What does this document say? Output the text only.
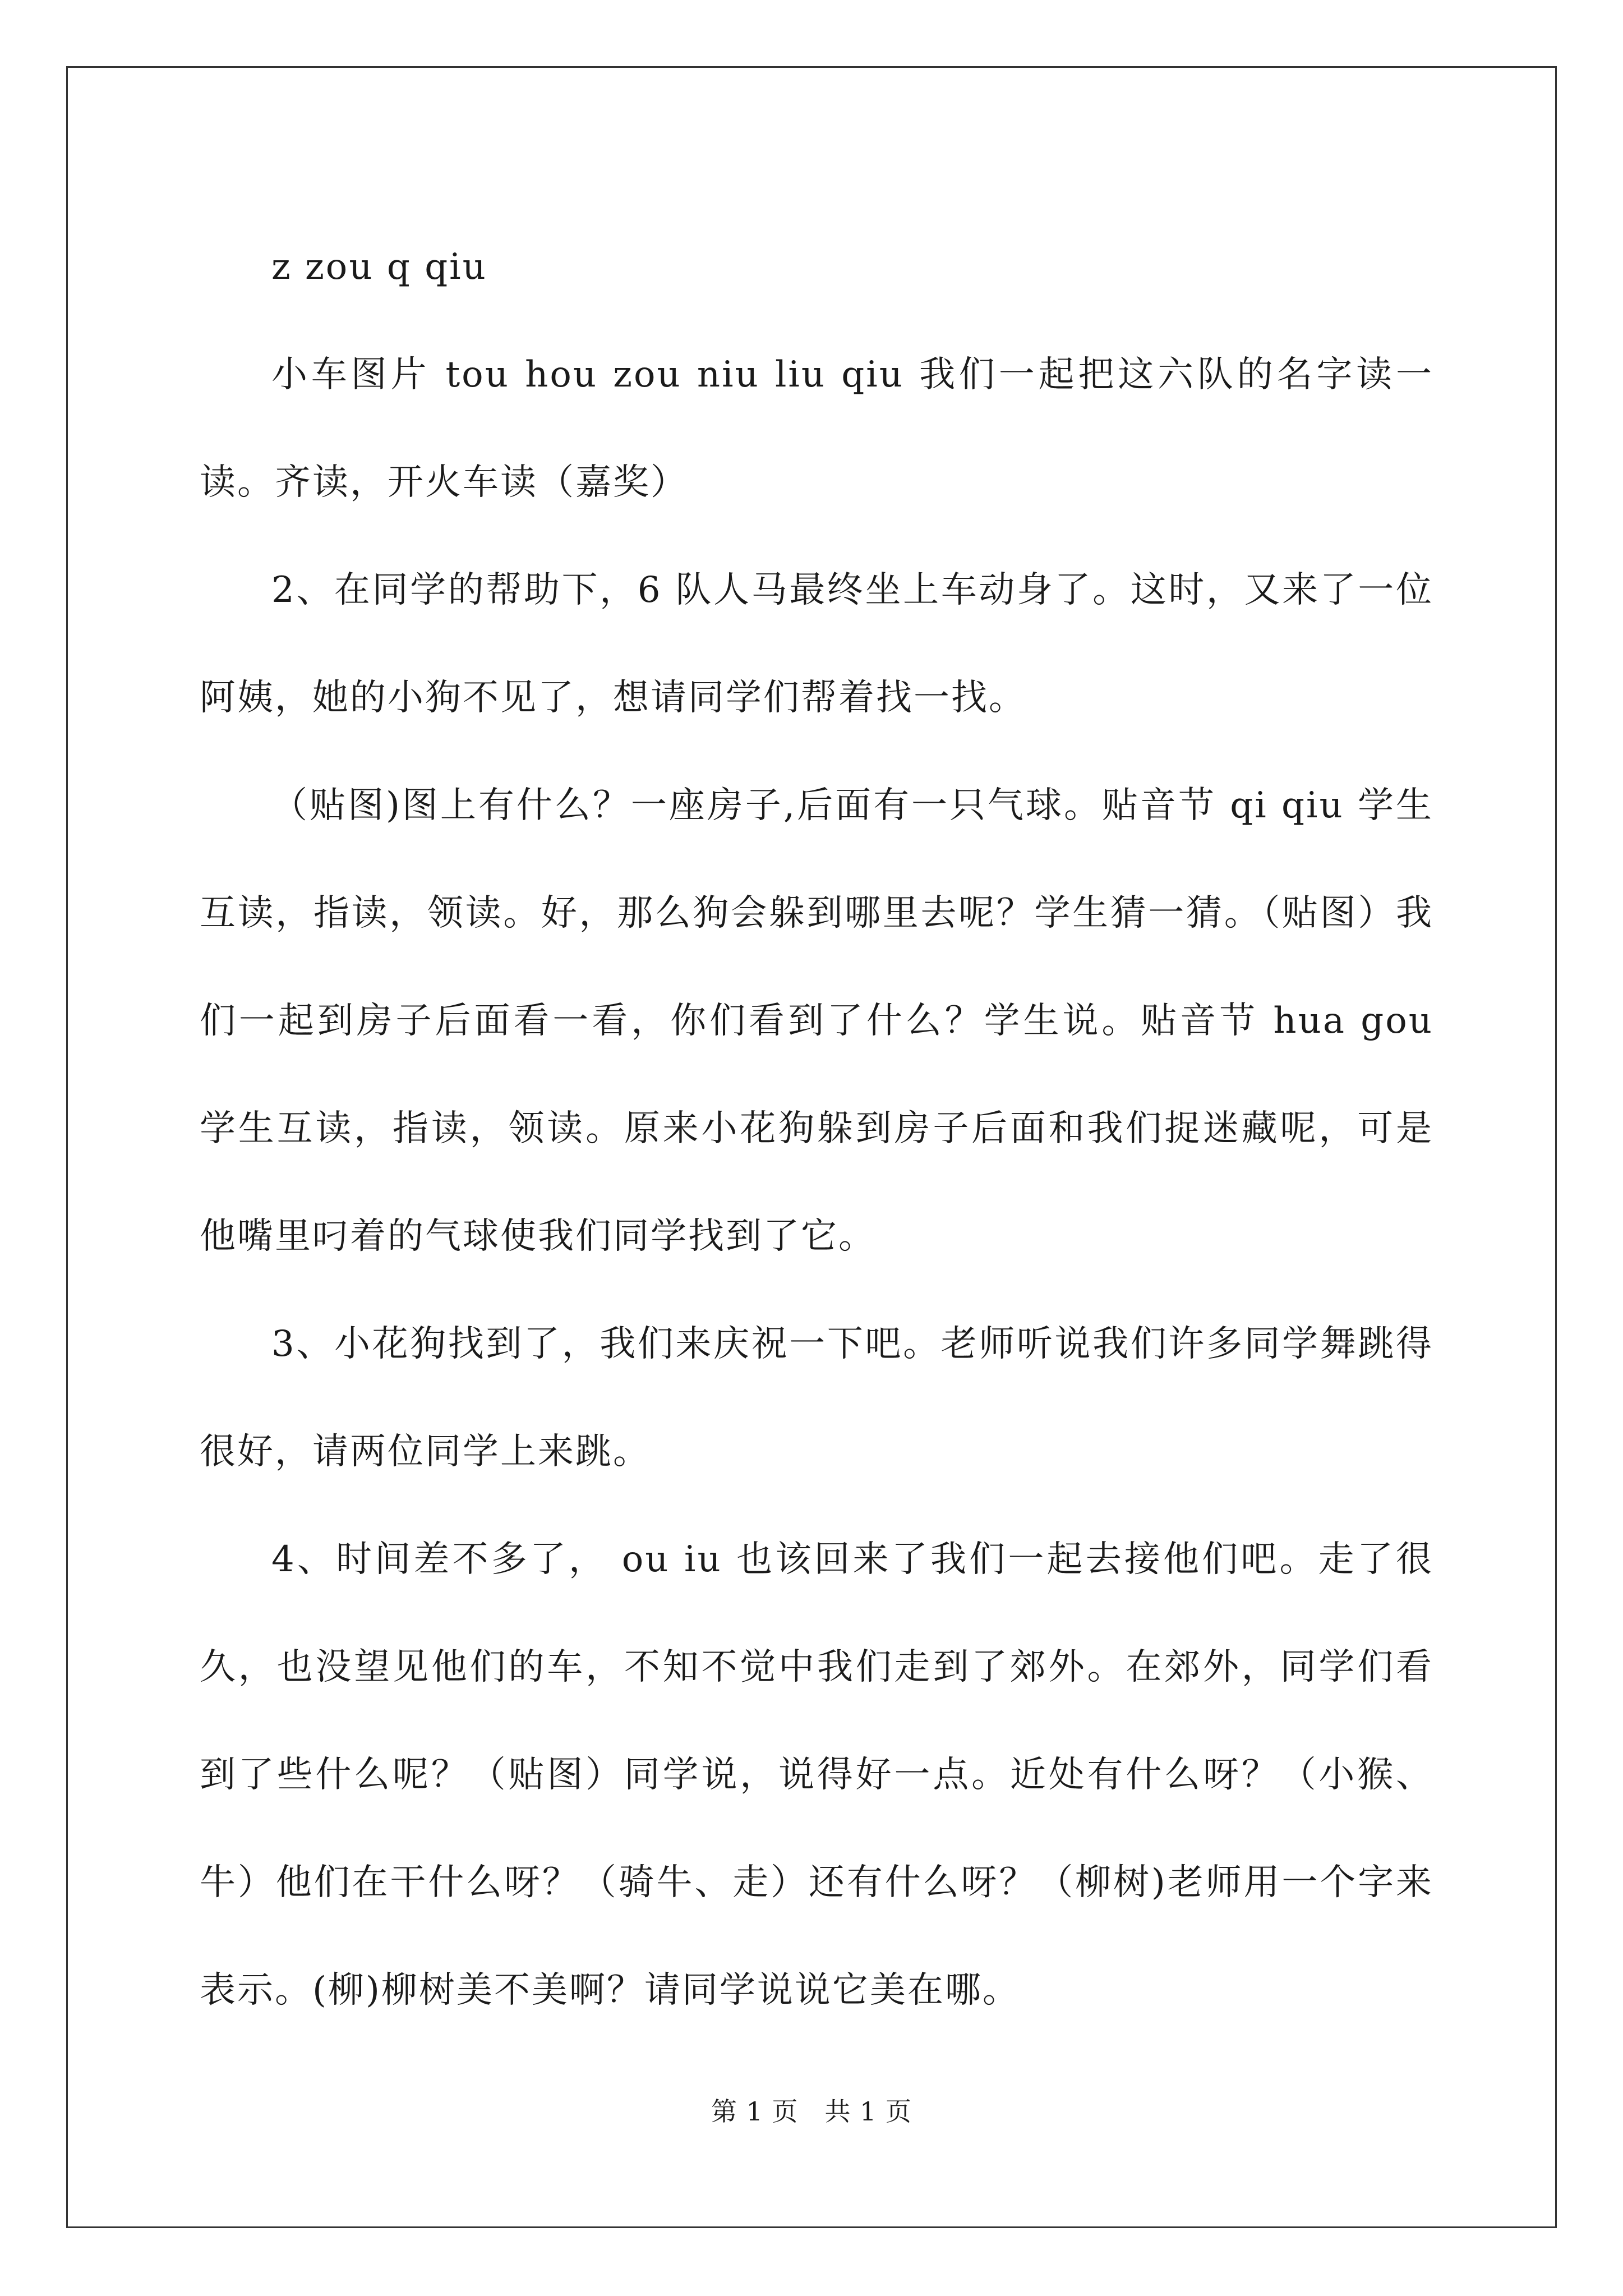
z zou q qiu

小车图片 tou hou zou niu liu qiu 我们一起把这六队的名字读一读。齐读，开火车读（嘉奖）

2、在同学的帮助下，6 队人马最终坐上车动身了。这时，又来了一位阿姨，她的小狗不见了，想请同学们帮着找一找。

（贴图)图上有什么？一座房子,后面有一只气球。贴音节 qi qiu 学生互读，指读，领读。好，那么狗会躲到哪里去呢？学生猜一猜。（贴图）我们一起到房子后面看一看，你们看到了什么？学生说。贴音节 hua gou 学生互读，指读，领读。原来小花狗躲到房子后面和我们捉迷藏呢，可是他嘴里叼着的气球使我们同学找到了它。

3、小花狗找到了，我们来庆祝一下吧。老师听说我们许多同学舞跳得很好，请两位同学上来跳。

4、时间差不多了， ou iu 也该回来了我们一起去接他们吧。走了很久，也没望见他们的车，不知不觉中我们走到了郊外。在郊外，同学们看到了些什么呢？（贴图）同学说，说得好一点。近处有什么呀？（小猴、牛）他们在干什么呀？（骑牛、走）还有什么呀？（柳树)老师用一个字来表示。(柳)柳树美不美啊？请同学说说它美在哪。

第 1 页　共 1 页
